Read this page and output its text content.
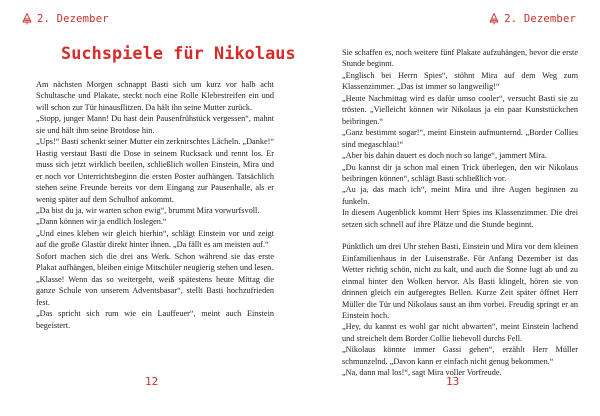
2. Dezember
Suchspiele für Nikolaus

Am nächsten Morgen schnappt Basti sich um kurz vor halb acht Schultasche und Plakate, steckt noch eine Rolle Klebestreifen ein und will schon zur Tür hinausflitzen. Da hält ihn seine Mutter zurück.

„Stopp, junger Mann! Du hast dein Pausenfrühstück vergessen“, mahnt sie und hält ihm seine Brotdose hin.

„Ups!“ Basti schenkt seiner Mutter ein zerknirschtes Lächeln. „Danke!“

Hastig verstaut Basti die Dose in seinem Rucksack und rennt los. Er muss sich jetzt wirklich beeilen, schließlich wollen Einstein, Mira und er noch vor Unterrichtsbeginn die ersten Poster aufhängen. Tatsächlich stehen seine Freunde bereits vor dem Eingang zur Pausenhalle, als er wenig später auf dem Schulhof ankommt.

„Da bist du ja, wir warten schon ewig“, brummt Mira vorwurfsvoll.

„Dann können wir ja endlich loslegen.“

„Und eines kleben wir gleich hierhin“, schlägt Einstein vor und zeigt auf die große Glastür direkt hinter ihnen. „Da fällt es am meisten auf.“

Sofort machen sich die drei ans Werk. Schon während sie das erste Plakat aufhängen, bleiben einige Mitschüler neugierig stehen und lesen.

„Klasse! Wenn das so weitergeht, weiß spätestens heute Mittag die ganze Schule von unserem Adventsbasar“, stellt Basti hochzufrieden fest.

„Das spricht sich rum wie ein Lauffeuer“, meint auch Einstein begeistert.

12
2. Dezember

Sie schaffen es, noch weitere fünf Plakate aufzuhängen, bevor die erste Stunde beginnt.

„Englisch bei Herrn Spies“, stöhnt Mira auf dem Weg zum Klassenzimmer. „Das ist immer so langweilig!“

„Heute Nachmittag wird es dafür umso cooler“, versucht Basti sie zu trösten. „Vielleicht können wir Nikolaus ja ein paar Kunststückchen beibringen.“

„Ganz bestimmt sogar!“, meint Einstein aufmunternd. „Border Collies sind megaschlau!“

„Aber bis dahin dauert es doch noch so lange“, jammert Mira.

„Du kannst dir ja schon mal einen Trick überlegen, den wir Nikolaus beibringen können“, schlägt Basti schließlich vor.

„Au ja, das mach ich“, meint Mira und ihre Augen beginnen zu funkeln.

In diesem Augenblick kommt Herr Spies ins Klassenzimmer. Die drei setzen sich schnell auf ihre Plätze und die Stunde beginnt.

Pünktlich um drei Uhr stehen Basti, Einstein und Mira vor dem kleinen Einfamilienhaus in der Luisenstraße. Für Anfang Dezember ist das Wetter richtig schön, nicht zu kalt, und auch die Sonne lugt ab und zu einmal hinter den Wolken hervor. Als Basti klingelt, hören sie von drinnen gleich ein aufgeregtes Bellen. Kurze Zeit später öffnet Herr Müller die Tür und Nikolaus saust an ihm vorbei. Freudig springt er an Einstein hoch.

„Hey, du kannst es wohl gar nicht abwarten“, meint Einstein lachend und streichelt dem Border Collie liebevoll durchs Fell.

„Nikolaus könnte immer Gassi gehen“, erzählt Herr Müller schmunzelnd. „Davon kann er einfach nicht genug bekommen.“

„Na, dann mal los!“, sagt Mira voller Vorfreude.

13
